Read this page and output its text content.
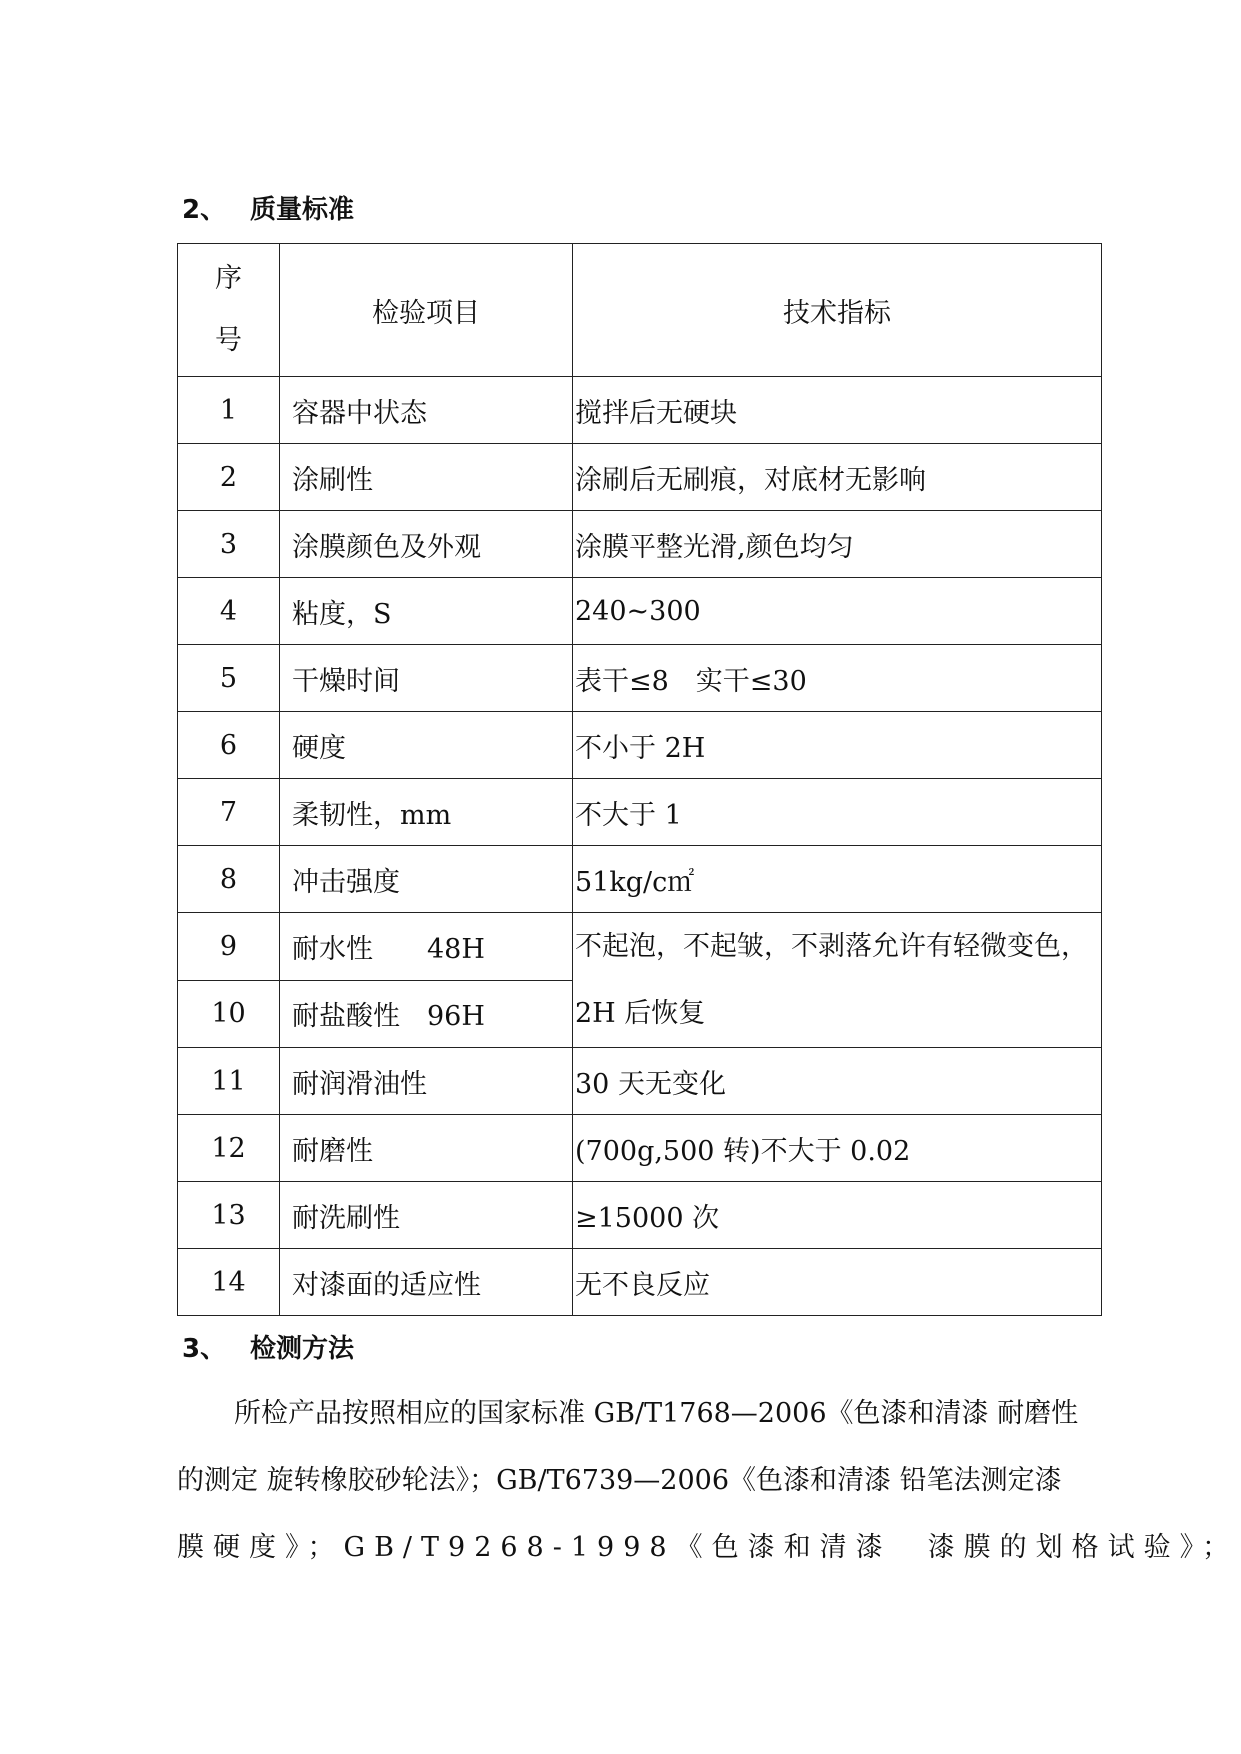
2、 质量标准
序
号	检验项目	技术指标
1	容器中状态	搅拌后无硬块
2	涂刷性	涂刷后无刷痕，对底材无影响
3	涂膜颜色及外观	涂膜平整光滑,颜色均匀
4	粘度，S	240~300
5	干燥时间	表干≤8　实干≤30
6	硬度	不小于 2H
7	柔韧性，mm	不大于 1
8	冲击强度	51kg/c㎡
9	耐水性　　48H	不起泡，不起皱，不剥落允许有轻微变色，2H 后恢复
10	耐盐酸性　96H	
11	耐润滑油性	30 天无变化
12	耐磨性	(700g,500 转)不大于 0.02
13	耐洗刷性	≥15000 次
14	对漆面的适应性	无不良反应
3、 检测方法
所检产品按照相应的国家标准 GB/T1768—2006《色漆和清漆 耐磨性
的测定 旋转橡胶砂轮法》；GB/T6739—2006《色漆和清漆 铅笔法测定漆
膜硬度》；GB/T9268-1998《色漆和清漆　漆膜的划格试验》；
